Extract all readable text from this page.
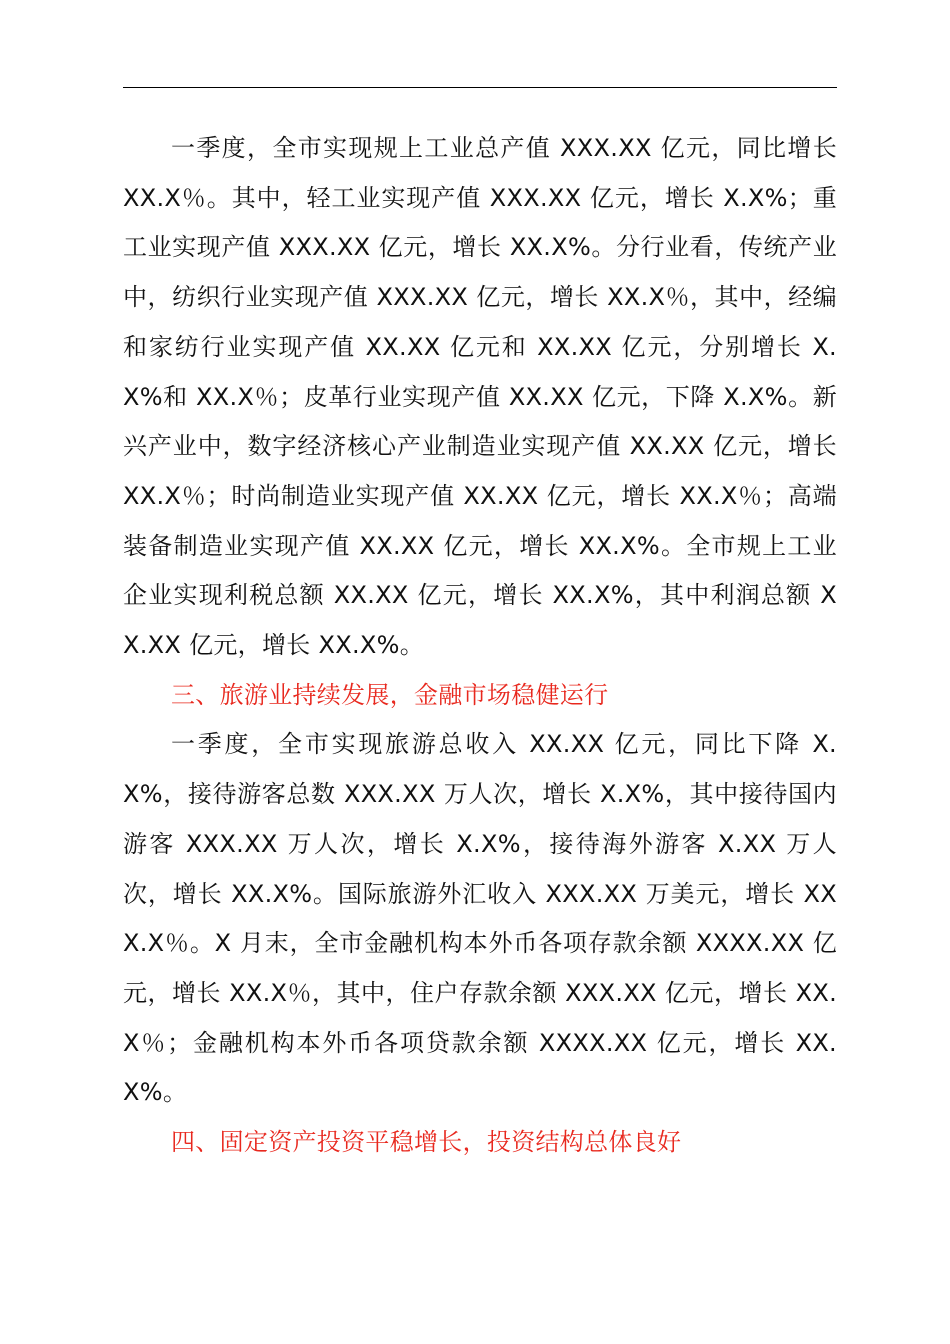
一季度，全市实现规上工业总产值 XXX.XX 亿元，同比增长 XX.X％。其中，轻工业实现产值 XXX.XX 亿元，增长 X.X%；重工业实现产值 XXX.XX 亿元，增长 XX.X%。分行业看，传统产业中，纺织行业实现产值 XXX.XX 亿元，增长 XX.X％，其中，经编和家纺行业实现产值 XX.XX 亿元和 XX.XX 亿元，分别增长 X.X%和 XX.X％；皮革行业实现产值 XX.XX 亿元，下降 X.X%。新兴产业中，数字经济核心产业制造业实现产值 XX.XX 亿元，增长 XX.X％；时尚制造业实现产值 XX.XX 亿元，增长 XX.X％；高端装备制造业实现产值 XX.XX 亿元，增长 XX.X%。全市规上工业企业实现利税总额 XX.XX 亿元，增长 XX.X%，其中利润总额 XX.XX 亿元，增长 XX.X%。

三、旅游业持续发展，金融市场稳健运行

一季度，全市实现旅游总收入 XX.XX 亿元，同比下降 X.X%，接待游客总数 XXX.XX 万人次，增长 X.X%，其中接待国内游客 XXX.XX 万人次，增长 X.X%，接待海外游客 X.XX 万人次，增长 XX.X%。国际旅游外汇收入 XXX.XX 万美元，增长 XXX.X％。X 月末，全市金融机构本外币各项存款余额 XXXX.XX 亿元，增长 XX.X％，其中，住户存款余额 XXX.XX 亿元，增长 XX.X％；金融机构本外币各项贷款余额 XXXX.XX 亿元，增长 XX.X%。

四、固定资产投资平稳增长，投资结构总体良好
